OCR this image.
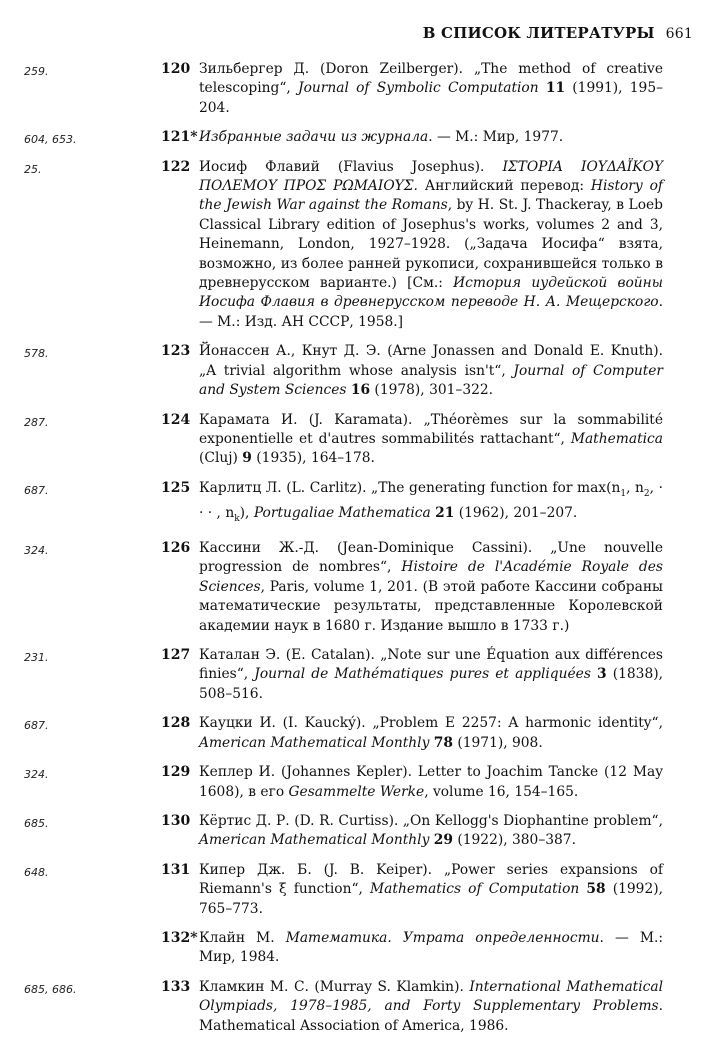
В СПИСОК ЛИТЕРАТУРЫ 661
259.	120 Зильбергер Д. (Doron Zeilberger). „The method of creative telescoping“, Journal of Symbolic Computation 11 (1991), 195–204.
604, 653.	121* Избранные задачи из журнала. — М.: Мир, 1977.
25.	122 Иосиф Флавий (Flavius Josephus). ΙΣΤΟΡΙΑ ΙΟΥΔΑΪΚΟΥ ΠΟΛΕΜΟΥ ΠΡΟΣ ΡΩΜΑΙΟΥΣ. Английский перевод: History of the Jewish War against the Romans, by H. St. J. Thackeray, в Loeb Classical Library edition of Josephus's works, volumes 2 and 3, Heinemann, London, 1927–1928. („Задача Иосифа“ взята, возможно, из более ранней рукописи, сохранившейся только в древнерусском варианте.) [См.: История иудейской войны Иосифа Флавия в древнерусском переводе Н. А. Мещерского. — М.: Изд. АН СССР, 1958.]
578.	123 Йонассен А., Кнут Д. Э. (Arne Jonassen and Donald E. Knuth). „A trivial algorithm whose analysis isn't“, Journal of Computer and System Sciences 16 (1978), 301–322.
287.	124 Карамата И. (J. Karamata). „Théorèmes sur la sommabilité exponentielle et d'autres sommabilités rattachant“, Mathematica (Cluj) 9 (1935), 164–178.
687.	125 Карлитц Л. (L. Carlitz). „The generating function for $\max(n_1$, $n_2$, · · · , $n_k$), Portugaliae Mathematica 21 (1962), 201–207.
324.	126 Кассини Ж.-Д. (Jean-Dominique Cassini). „Une nouvelle progression de nombres“, Histoire de l'Académie Royale des Sciences, Paris, volume 1, 201. (В этой работе Кассини собраны математические результаты, представленные Королевской академии наук в 1680 г. Издание вышло в 1733 г.)
231.	127 Каталан Э. (E. Catalan). „Note sur une Équation aux différences finies“, Journal de Mathématiques pures et appliquées 3 (1838), 508–516.
687.	128 Кауцки И. (I. Kaucký). „Problem E 2257: A harmonic identity“, American Mathematical Monthly 78 (1971), 908.
324.	129 Кеплер И. (Johannes Kepler). Letter to Joachim Tancke (12 May 1608), в его Gesammelte Werke, volume 16, 154–165.
685.	130 Кёртис Д. Р. (D. R. Curtiss). „On Kellogg's Diophantine problem“, American Mathematical Monthly 29 (1922), 380–387.
648.	131 Кипер Дж. Б. (J. B. Keiper). „Power series expansions of Riemann's ξ function“, Mathematics of Computation 58 (1992), 765–773.
132* Клайн М. Математика. Утрата определенности. — М.: Мир, 1984.
685, 686.	133 Кламкин М. С. (Murray S. Klamkin). International Mathematical Olympiads, 1978–1985, and Forty Supplementary Problems. Mathematical Association of America, 1986.
